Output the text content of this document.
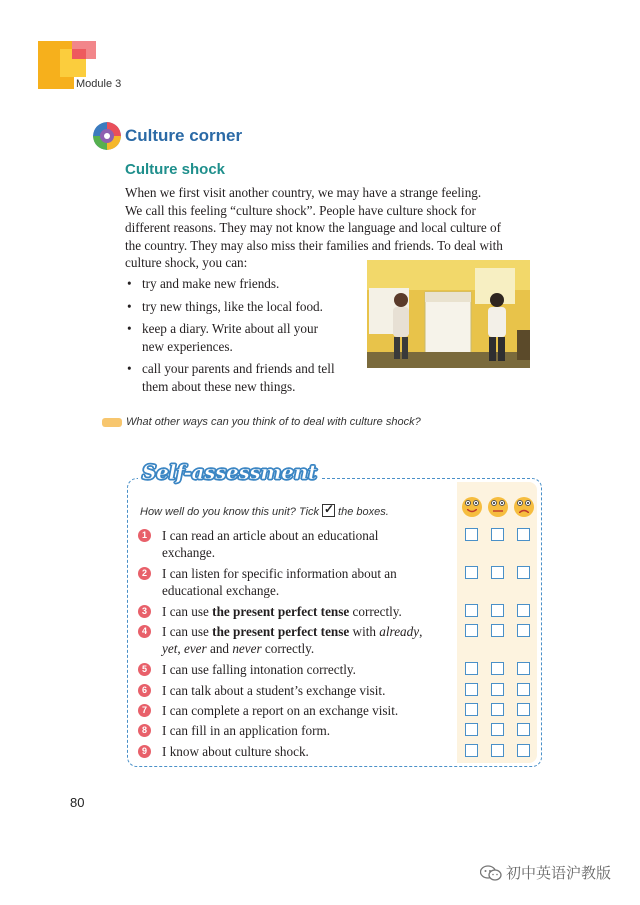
Module 3
Culture corner
Culture shock
When we first visit another country, we may have a strange feeling.
We call this feeling “culture shock”. People have culture shock for
different reasons. They may not know the language and local culture of
the country. They may also miss their families and friends. To deal with
culture shock, you can:
• try and make new friends.
• try new things, like the local food.
• keep a diary. Write about all your
new experiences.
• call your parents and friends and tell
them about these new things.
What other ways can you think of to deal with culture shock?
Self-assessment
How well do you know this unit? Tick✓ the boxes.
1	I can read an article about an educational
exchange.
2	I can listen for specific information about an
educational exchange.
3	I can use the present perfect tense correctly.
4	I can use the present perfect tense with already,
yet, ever and never correctly.
5	I can use falling intonation correctly.
6	I can talk about a student’s exchange visit.
7	I can complete a report on an exchange visit.
8	I can fill in an application form.
9	I know about culture shock.
80
初中英语沪教版
